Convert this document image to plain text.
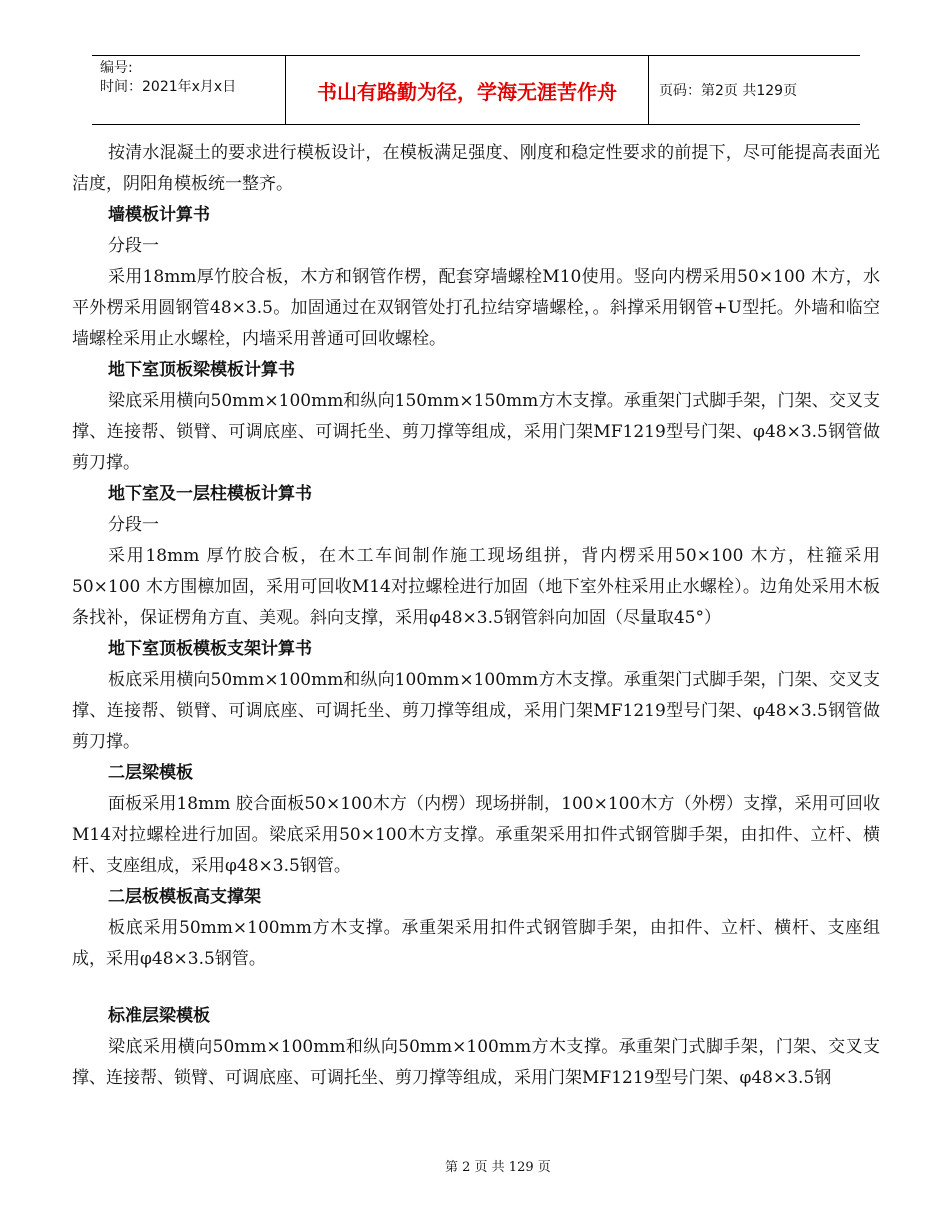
编号:
时间：2021年x月x日	书山有路勤为径，学海无涯苦作舟	页码：第2页 共129页

按清水混凝土的要求进行模板设计，在模板满足强度、刚度和稳定性要求的前提下，尽可能提高表面光洁度，阴阳角模板统一整齐。

墙模板计算书

分段一

采用18mm厚竹胶合板，木方和钢管作楞，配套穿墙螺栓M10使用。竖向内楞采用50×100 木方，水平外楞采用圆钢管48×3.5。加固通过在双钢管处打孔拉结穿墙螺栓，。斜撑采用钢管+U型托。外墙和临空墙螺栓采用止水螺栓，内墙采用普通可回收螺栓。

地下室顶板梁模板计算书

梁底采用横向50mm×100mm和纵向150mm×150mm方木支撑。承重架门式脚手架，门架、交叉支撑、连接帮、锁臂、可调底座、可调托坐、剪刀撑等组成，采用门架MF1219型号门架、φ48×3.5钢管做剪刀撑。

地下室及一层柱模板计算书

分段一

采用18mm 厚竹胶合板，在木工车间制作施工现场组拼，背内楞采用50×100 木方，柱箍采用50×100 木方围檩加固，采用可回收M14对拉螺栓进行加固（地下室外柱采用止水螺栓）。边角处采用木板条找补，保证楞角方直、美观。斜向支撑，采用φ48×3.5钢管斜向加固（尽量取45°）

地下室顶板模板支架计算书

板底采用横向50mm×100mm和纵向100mm×100mm方木支撑。承重架门式脚手架，门架、交叉支撑、连接帮、锁臂、可调底座、可调托坐、剪刀撑等组成，采用门架MF1219型号门架、φ48×3.5钢管做剪刀撑。

二层梁模板

面板采用18mm 胶合面板50×100木方（内楞）现场拼制，100×100木方（外楞）支撑，采用可回收M14对拉螺栓进行加固。梁底采用50×100木方支撑。承重架采用扣件式钢管脚手架，由扣件、立杆、横杆、支座组成，采用φ48×3.5钢管。

二层板模板高支撑架

板底采用50mm×100mm方木支撑。承重架采用扣件式钢管脚手架，由扣件、立杆、横杆、支座组成，采用φ48×3.5钢管。

标准层梁模板

梁底采用横向50mm×100mm和纵向50mm×100mm方木支撑。承重架门式脚手架，门架、交叉支撑、连接帮、锁臂、可调底座、可调托坐、剪刀撑等组成，采用门架MF1219型号门架、φ48×3.5钢

第 2 页 共 129 页
